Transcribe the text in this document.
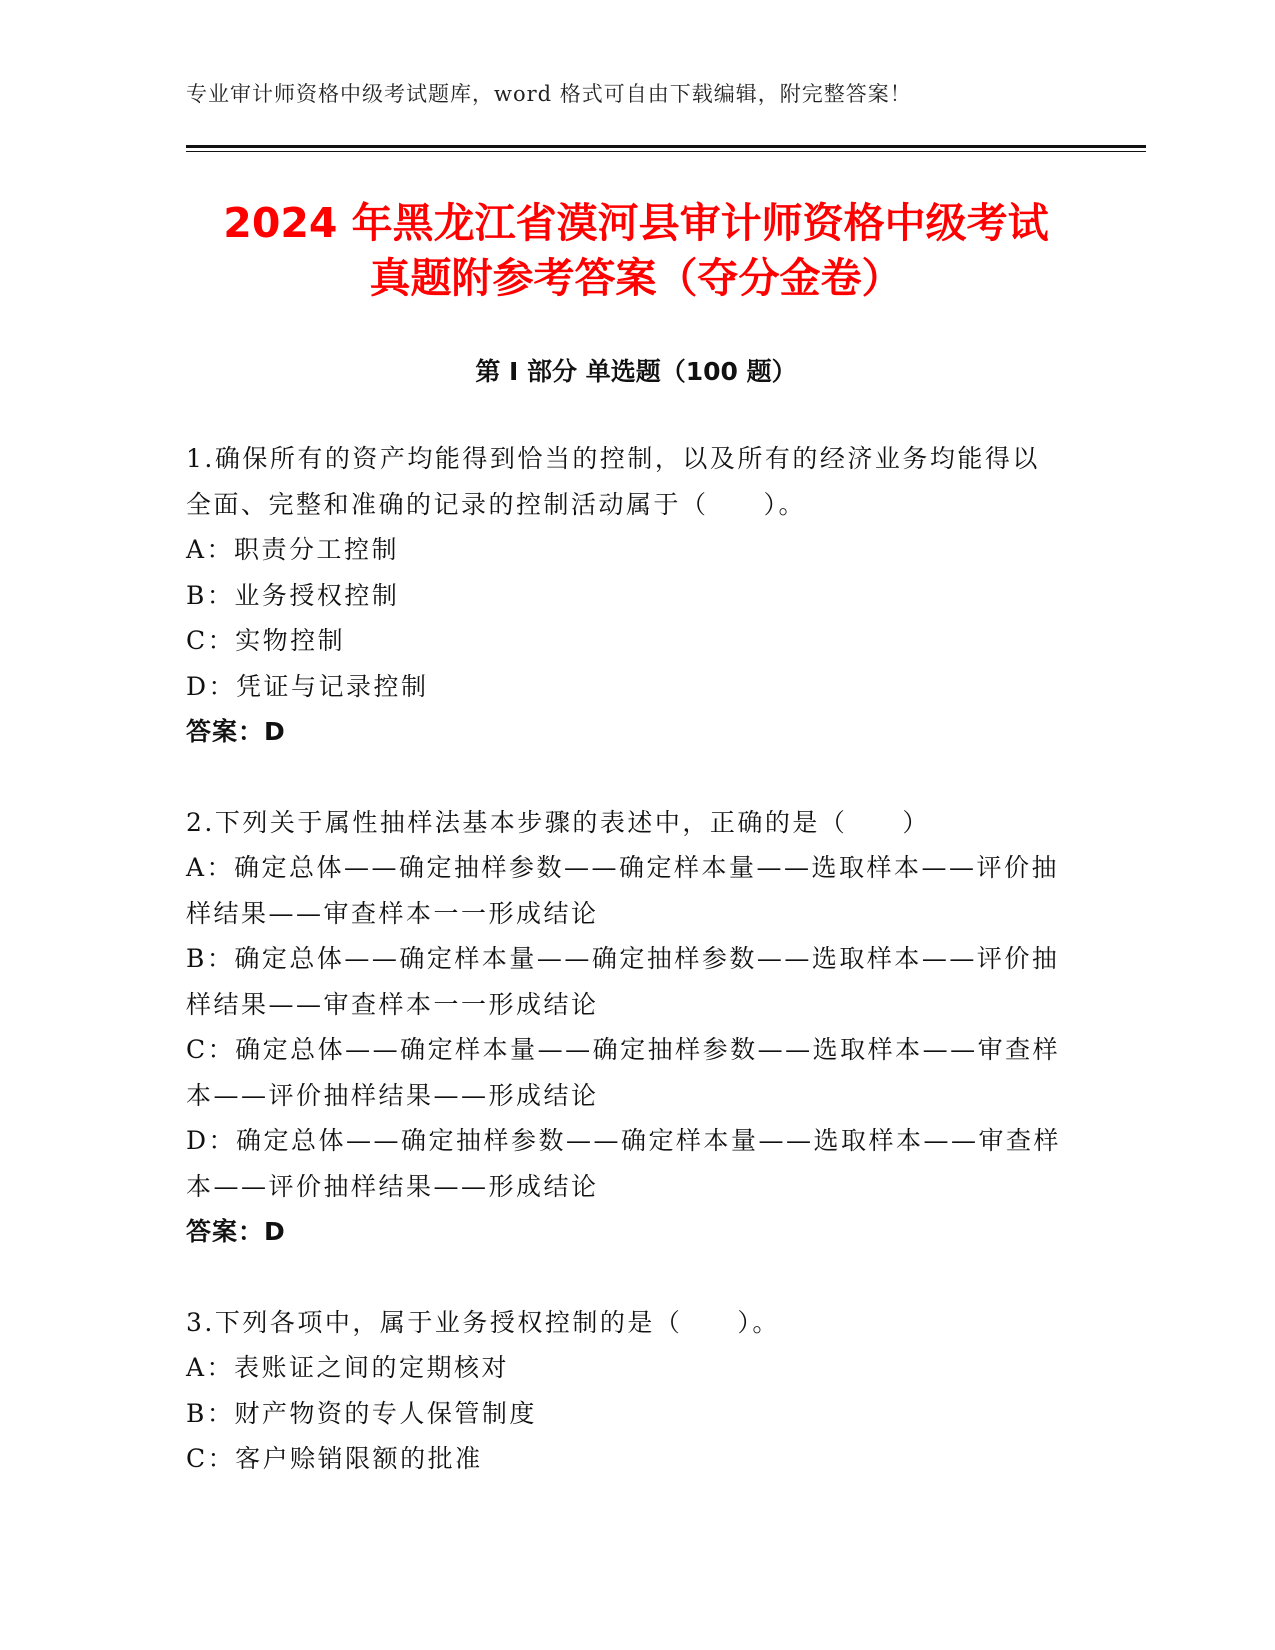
专业审计师资格中级考试题库，word 格式可自由下载编辑，附完整答案！
2024 年黑龙江省漠河县审计师资格中级考试
真题附参考答案（夺分金卷）
第 I 部分 单选题（100 题）

1.确保所有的资产均能得到恰当的控制，以及所有的经济业务均能得以全面、完整和准确的记录的控制活动属于（　　）。

A：职责分工控制

B：业务授权控制

C：实物控制

D：凭证与记录控制

答案：D

2.下列关于属性抽样法基本步骤的表述中，正确的是（　　）

A：确定总体——确定抽样参数——确定样本量——选取样本——评价抽样结果——审查样本一一形成结论

B：确定总体——确定样本量——确定抽样参数——选取样本——评价抽样结果——审查样本一一形成结论

C：确定总体——确定样本量——确定抽样参数——选取样本——审查样本——评价抽样结果——形成结论

D：确定总体——确定抽样参数——确定样本量——选取样本——审查样本——评价抽样结果——形成结论

答案：D

3.下列各项中，属于业务授权控制的是（　　）。

A：表账证之间的定期核对

B：财产物资的专人保管制度

C：客户赊销限额的批准
